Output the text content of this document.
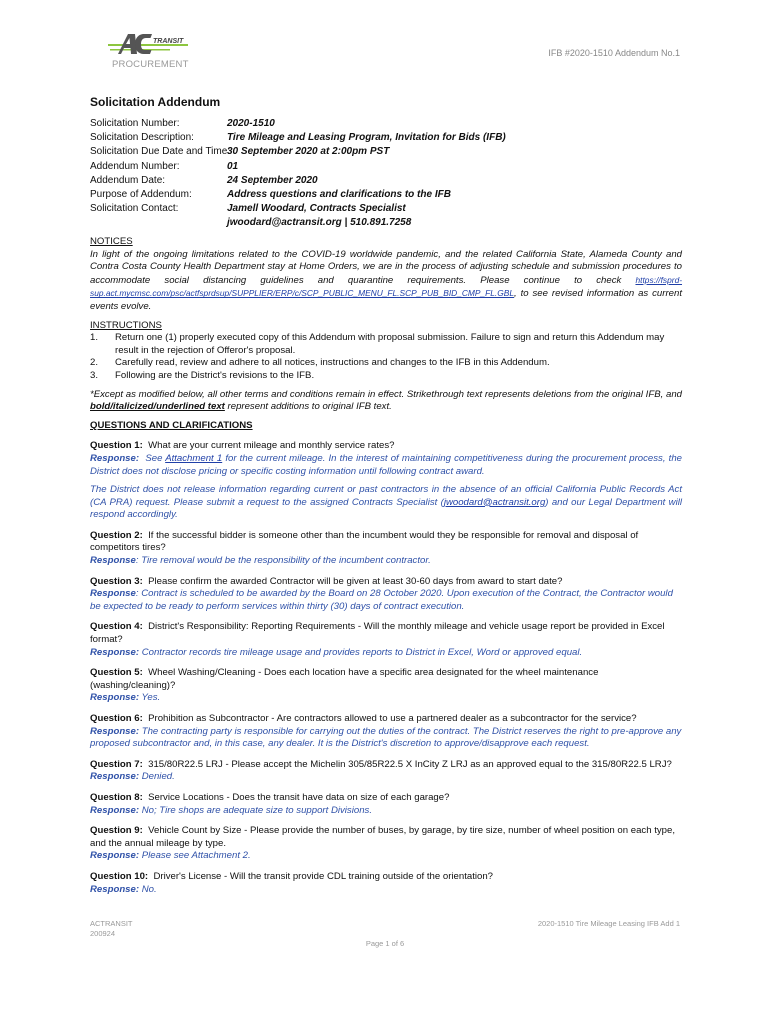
TRANSIT
PROCUREMENT
IFB #2020-1510 Addendum No.1
Solicitation Addendum
Solicitation Number:	2020-1510
Solicitation Description:	Tire Mileage and Leasing Program, Invitation for Bids (IFB)
Solicitation Due Date and Time:
30 September 2020 at 2:00pm PST
Addendum Number:	01
Addendum Date:	24 September 2020
Purpose of Addendum:	Address questions and clarifications to the IFB
Solicitation Contact:	Jamell Woodard, Contracts Specialist
jwoodard@actransit.org | 510.891.7258
NOTICES
In light of the ongoing limitations related to the COVID-19 worldwide pandemic, and the related California State, Alameda County and Contra Costa County Health Department stay at Home Orders, we are in the process of adjusting schedule and submission procedures to accommodate social distancing guidelines and quarantine requirements. Please continue to check https://fsprd-sup.act.mycmsc.com/psc/actfsprdsup/SUPPLIER/ERP/c/SCP_PUBLIC_MENU_FL.SCP_PUB_BID_CMP_FL.GBL, to see revised information as current events evolve.
INSTRUCTIONS
1.	Return one (1) properly executed copy of this Addendum with proposal submission. Failure to sign and return this Addendum may result in the rejection of Offeror's proposal.
2.	Carefully read, review and adhere to all notices, instructions and changes to the IFB in this Addendum.
3.	Following are the District's revisions to the IFB.
*Except as modified below, all other terms and conditions remain in effect. Strikethrough text represents deletions from the original IFB, and bold/italicized/underlined text represent additions to original IFB text.
QUESTIONS AND CLARIFICATIONS
Question 1: What are your current mileage and monthly service rates?
Response: See Attachment 1 for the current mileage. In the interest of maintaining competitiveness during the procurement process, the District does not disclose pricing or specific costing information until following contract award.
The District does not release information regarding current or past contractors in the absence of an official California Public Records Act (CA PRA) request. Please submit a request to the assigned Contracts Specialist (jwoodard@actransit.org) and our Legal Department will respond accordingly.
Question 2: If the successful bidder is someone other than the incumbent would they be responsible for removal and disposal of competitors tires?
Response: Tire removal would be the responsibility of the incumbent contractor.
Question 3: Please confirm the awarded Contractor will be given at least 30-60 days from award to start date?
Response: Contract is scheduled to be awarded by the Board on 28 October 2020. Upon execution of the Contract, the Contractor would be expected to be ready to perform services within thirty (30) days of contract execution.
Question 4: District's Responsibility: Reporting Requirements - Will the monthly mileage and vehicle usage report be provided in Excel format?
Response: Contractor records tire mileage usage and provides reports to District in Excel, Word or approved equal.
Question 5: Wheel Washing/Cleaning - Does each location have a specific area designated for the wheel maintenance (washing/cleaning)?
Response: Yes.
Question 6: Prohibition as Subcontractor - Are contractors allowed to use a partnered dealer as a subcontractor for the service?
Response: The contracting party is responsible for carrying out the duties of the contract. The District reserves the right to pre-approve any proposed subcontractor and, in this case, any dealer. It is the District's discretion to approve/disapprove each request.
Question 7: 315/80R22.5 LRJ - Please accept the Michelin 305/85R22.5 X InCity Z LRJ as an approved equal to the 315/80R22.5 LRJ?
Response: Denied.
Question 8: Service Locations - Does the transit have data on size of each garage?
Response: No; Tire shops are adequate size to support Divisions.
Question 9: Vehicle Count by Size - Please provide the number of buses, by garage, by tire size, number of wheel position on each type, and the annual mileage by type.
Response: Please see Attachment 2.
Question 10: Driver's License - Will the transit provide CDL training outside of the orientation?
Response: No.
ACTRANSIT
200924
2020-1510 Tire Mileage Leasing IFB Add 1
Page 1 of 6
